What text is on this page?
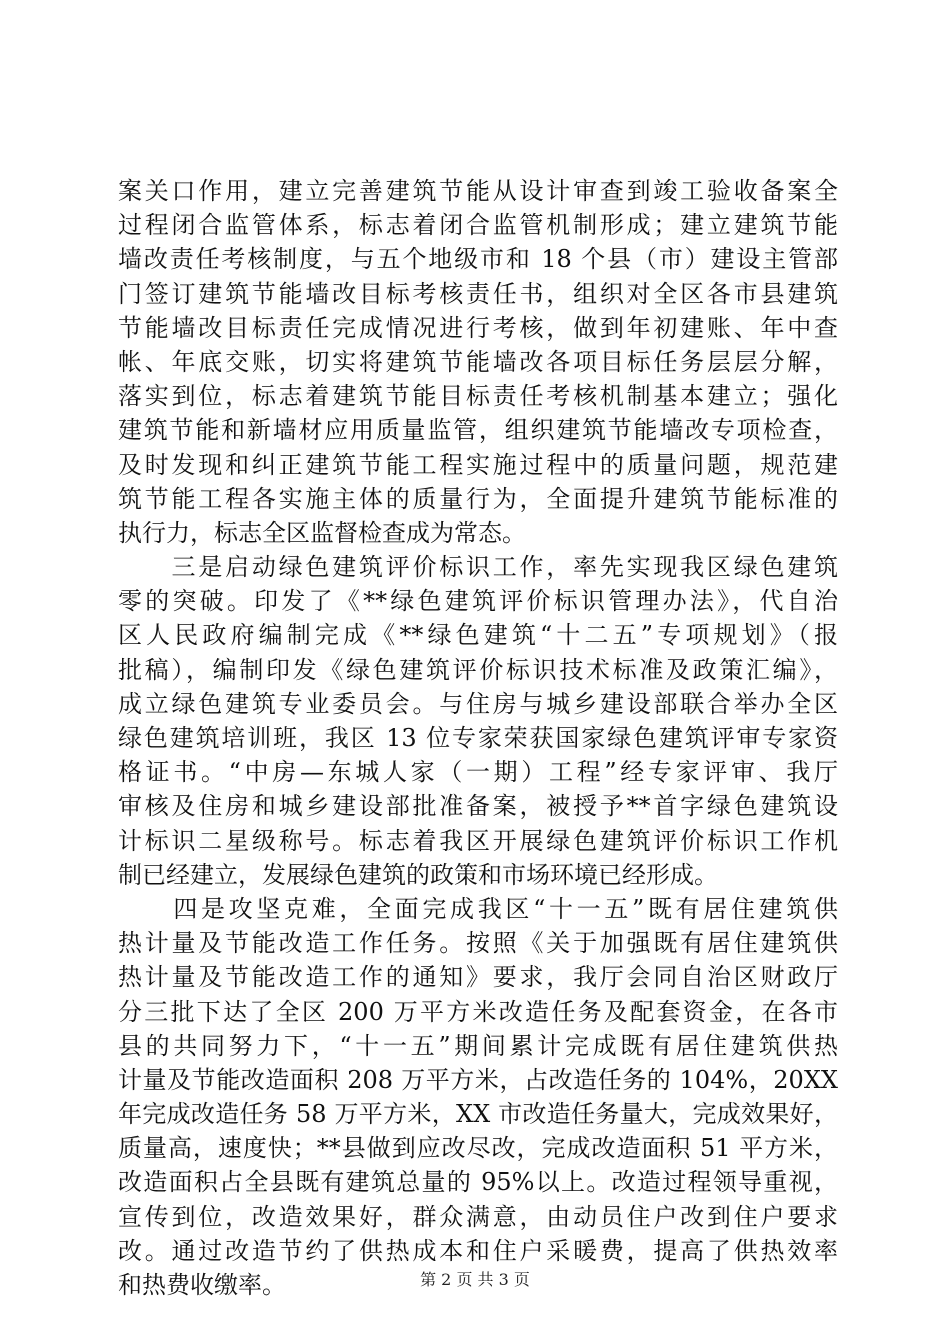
案关口作用，建立完善建筑节能从设计审查到竣工验收备案全
过程闭合监管体系，标志着闭合监管机制形成；建立建筑节能
墙改责任考核制度，与五个地级市和 18 个县（市）建设主管部
门签订建筑节能墙改目标考核责任书，组织对全区各市县建筑
节能墙改目标责任完成情况进行考核，做到年初建账、年中查
帐、年底交账，切实将建筑节能墙改各项目标任务层层分解，
落实到位，标志着建筑节能目标责任考核机制基本建立；强化
建筑节能和新墙材应用质量监管，组织建筑节能墙改专项检查，
及时发现和纠正建筑节能工程实施过程中的质量问题，规范建
筑节能工程各实施主体的质量行为，全面提升建筑节能标准的
执行力，标志全区监督检查成为常态。
　　三是启动绿色建筑评价标识工作，率先实现我区绿色建筑
零的突破。印发了《**绿色建筑评价标识管理办法》，代自治
区人民政府编制完成《**绿色建筑“十二五”专项规划》（报
批稿），编制印发《绿色建筑评价标识技术标准及政策汇编》，
成立绿色建筑专业委员会。与住房与城乡建设部联合举办全区
绿色建筑培训班，我区 13 位专家荣获国家绿色建筑评审专家资
格证书。“中房—东城人家（一期）工程”经专家评审、我厅
审核及住房和城乡建设部批准备案，被授予**首字绿色建筑设
计标识二星级称号。标志着我区开展绿色建筑评价标识工作机
制已经建立，发展绿色建筑的政策和市场环境已经形成。
　　四是攻坚克难，全面完成我区“十一五”既有居住建筑供
热计量及节能改造工作任务。按照《关于加强既有居住建筑供
热计量及节能改造工作的通知》要求，我厅会同自治区财政厅
分三批下达了全区 200 万平方米改造任务及配套资金，在各市
县的共同努力下，“十一五”期间累计完成既有居住建筑供热
计量及节能改造面积 208 万平方米，占改造任务的 104%，20XX
年完成改造任务 58 万平方米，XX 市改造任务量大，完成效果好，
质量高，速度快；**县做到应改尽改，完成改造面积 51 平方米，
改造面积占全县既有建筑总量的 95%以上。改造过程领导重视，
宣传到位，改造效果好，群众满意，由动员住户改到住户要求
改。通过改造节约了供热成本和住户采暖费，提高了供热效率
和热费收缴率。	第 2 页 共 3 页
